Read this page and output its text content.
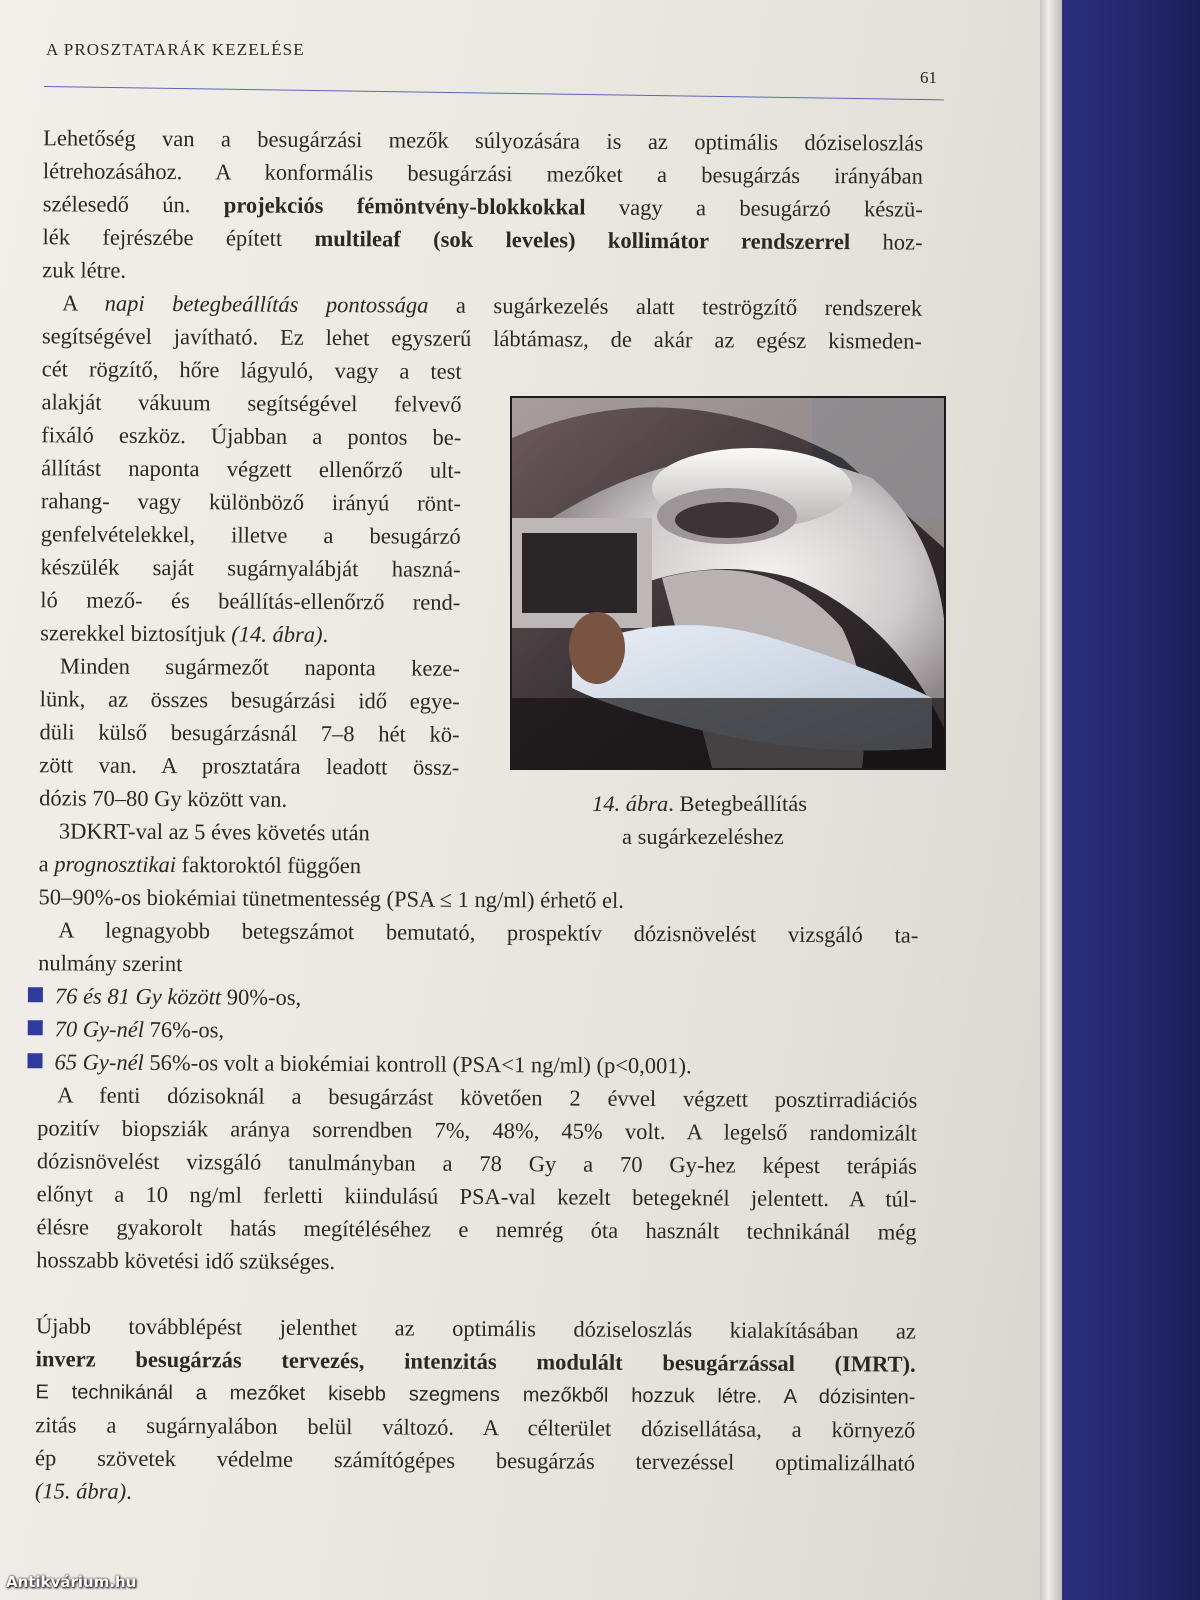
A PROSZTATARÁK KEZELÉSE
61
Lehetőség van a besugárzási mezők súlyozására is az optimális dóziseloszlás
létrehozásához. A konformális besugárzási mezőket a besugárzás irányában
szélesedő ún. projekciós fémöntvény-blokkokkal vagy a besugárzó készü-
lék fejrészébe épített multileaf (sok leveles) kollimátor rendszerrel hoz-
zuk létre.
A napi betegbeállítás pontossága a sugárkezelés alatt teströgzítő rendszerek
segítségével javítható. Ez lehet egyszerű lábtámasz, de akár az egész kismeden-
cét rögzítő, hőre lágyuló, vagy a test
alakját vákuum segítségével felvevő
fixáló eszköz. Újabban a pontos be-
állítást naponta végzett ellenőrző ult-
rahang- vagy különböző irányú rönt-
genfelvételekkel, illetve a besugárzó
készülék saját sugárnyalábját haszná-
ló mező- és beállítás-ellenőrző rend-
szerekkel biztosítjuk (14. ábra).
Minden sugármezőt naponta keze-
lünk, az összes besugárzási idő egye-
düli külső besugárzásnál 7–8 hét kö-
zött van. A prosztatára leadott össz-
dózis 70–80 Gy között van.
3DKRT-val az 5 éves követés után
a prognosztikai faktoroktól függően
50–90%-os biokémiai tünetmentesség (PSA ≤ 1 ng/ml) érhető el.
A legnagyobb betegszámot bemutató, prospektív dózisnövelést vizsgáló ta-
nulmány szerint
76 és 81 Gy között 90%-os,
70 Gy-nél 76%-os,
65 Gy-nél 56%-os volt a biokémiai kontroll (PSA<1 ng/ml) (p<0,001).
A fenti dózisoknál a besugárzást követően 2 évvel végzett posztirradiációs
pozitív biopsziák aránya sorrendben 7%, 48%, 45% volt. A legelső randomizált
dózisnövelést vizsgáló tanulmányban a 78 Gy a 70 Gy-hez képest terápiás
előnyt a 10 ng/ml ferletti kiindulású PSA-val kezelt betegeknél jelentett. A túl-
élésre gyakorolt hatás megítéléséhez e nemrég óta használt technikánál még
hosszabb követési idő szükséges.
Újabb továbblépést jelenthet az optimális dóziseloszlás kialakításában az
inverz besugárzás tervezés, intenzitás modulált besugárzással (IMRT).
E technikánál a mezőket kisebb szegmens mezőkből hozzuk létre. A dózisinten-
zitás a sugárnyalábon belül változó. A célterület dózisellátása, a környező
ép szövetek védelme számítógépes besugárzás tervezéssel optimalizálható
(15. ábra).
14. ábra. Betegbeállítás
a sugárkezeléshez
Antikvárium.hu
